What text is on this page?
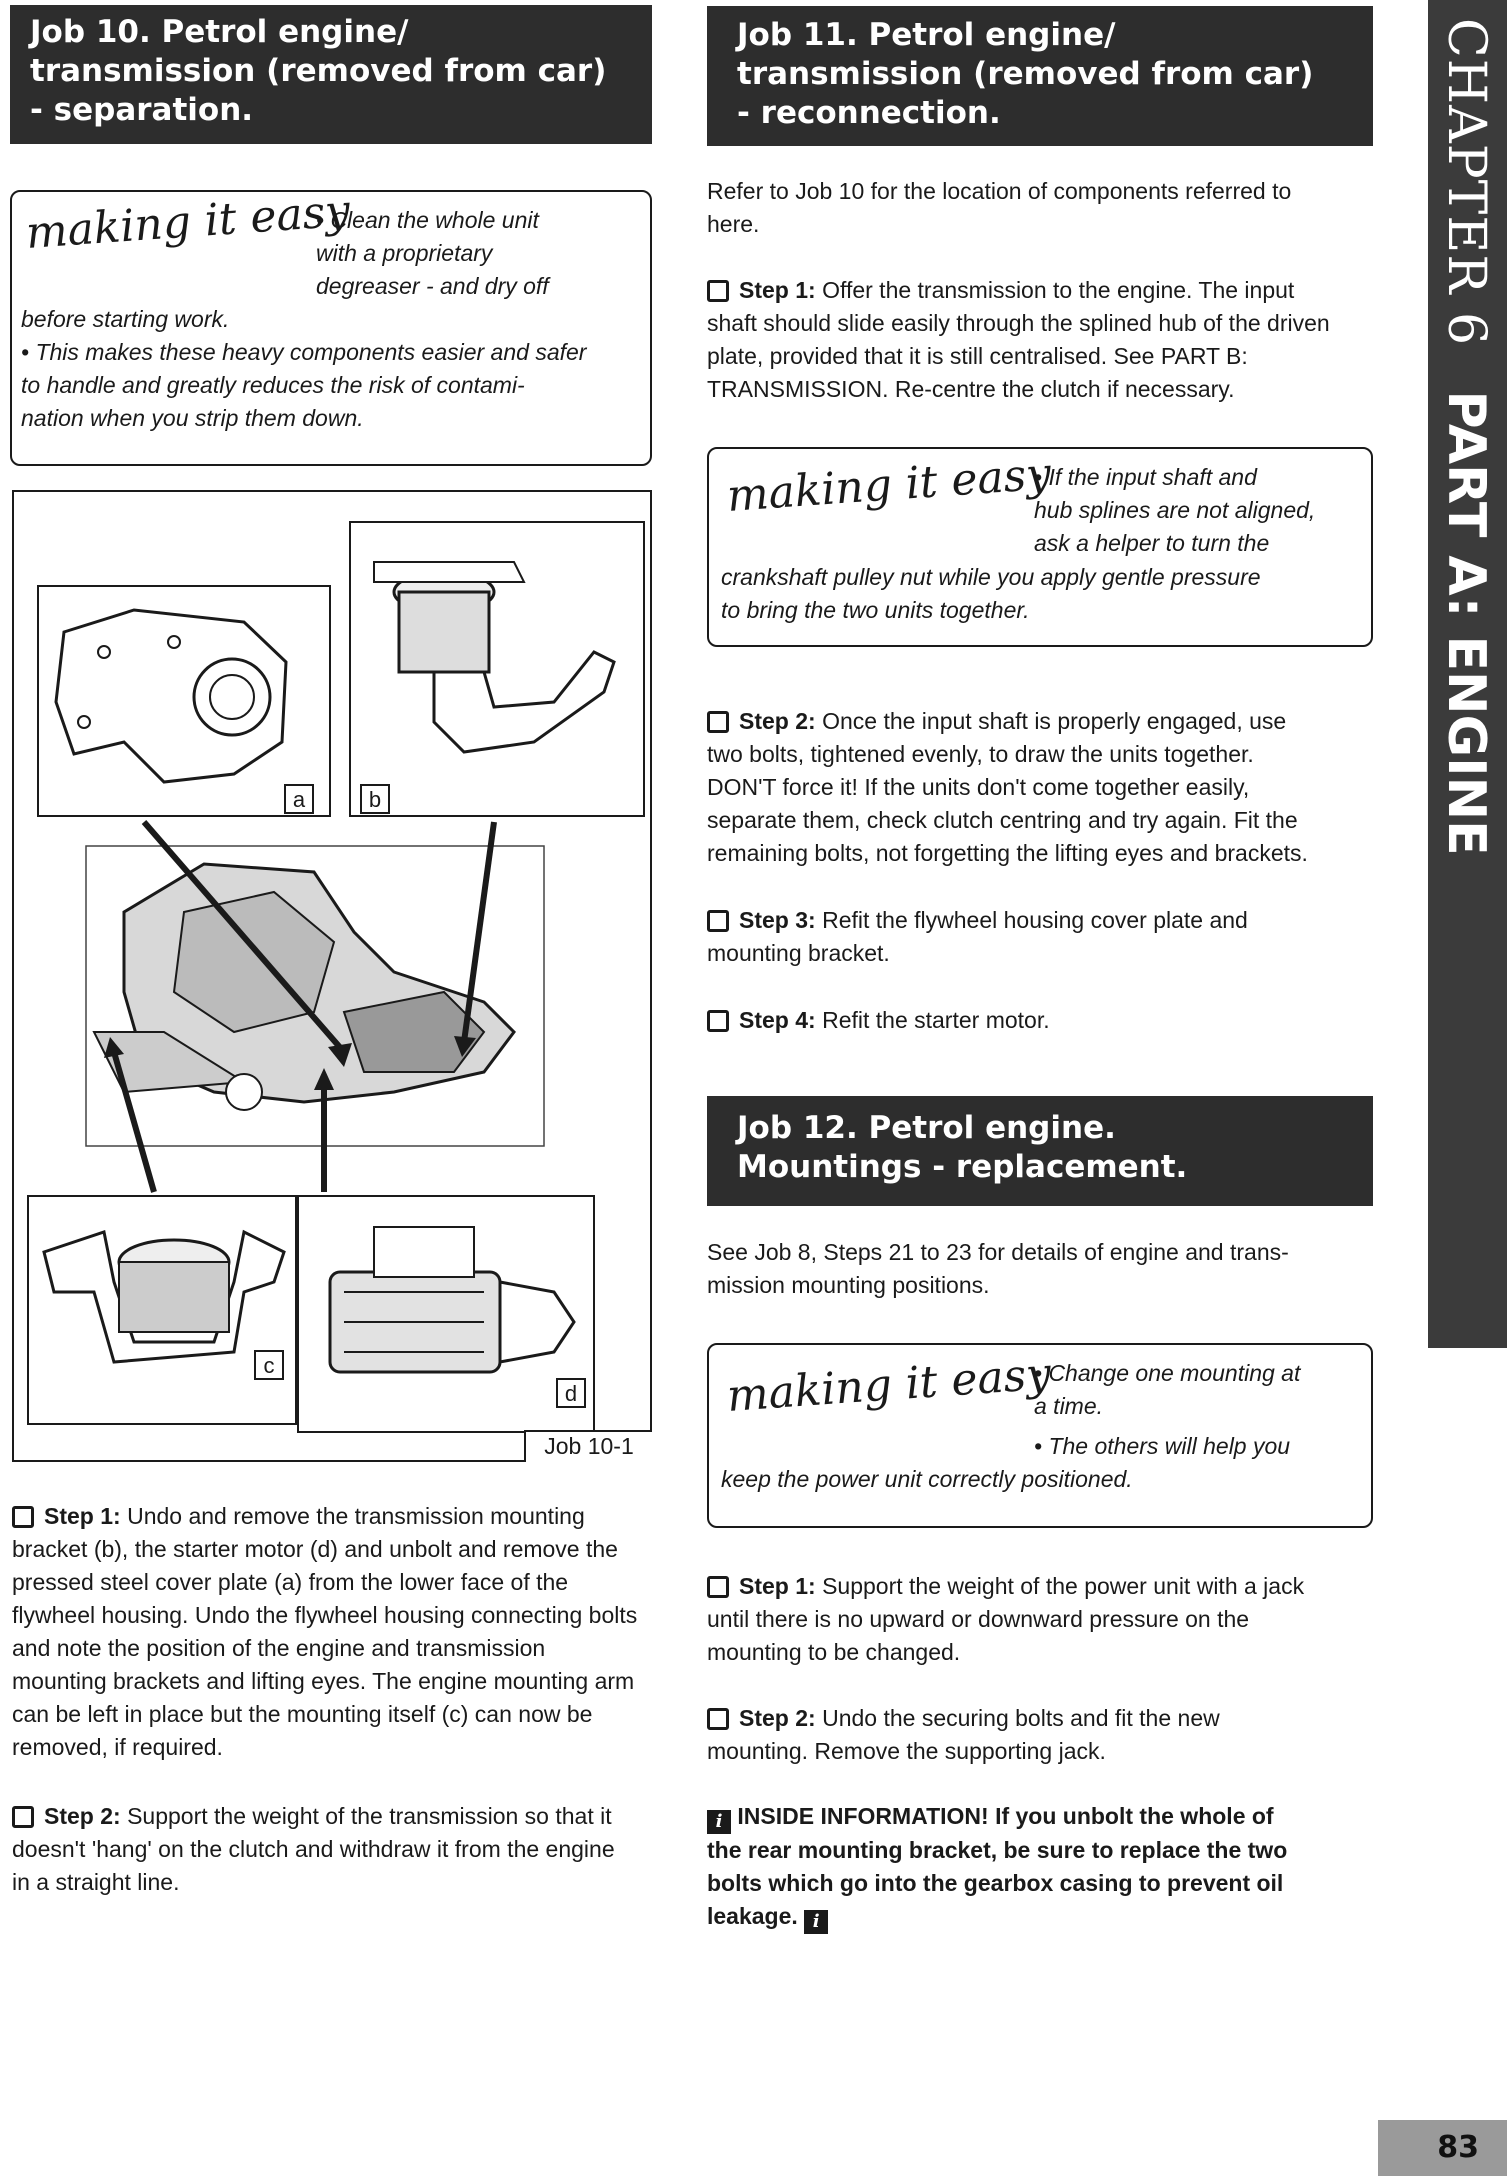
Job 10. Petrol engine/
transmission (removed from car)
- separation.
making it easy
• Clean the whole unit
with a proprietary
degreaser - and dry off
before starting work.
• This makes these heavy components easier and safer
to handle and greatly reduces the risk of contami-
nation when you strip them down.
a	b
c
d
Job 10-1
Step 1: Undo and remove the transmission mounting
bracket (b), the starter motor (d) and unbolt and remove the
pressed steel cover plate (a) from the lower face of the
flywheel housing. Undo the flywheel housing connecting bolts
and note the position of the engine and transmission
mounting brackets and lifting eyes. The engine mounting arm
can be left in place but the mounting itself (c) can now be
removed, if required.
Step 2: Support the weight of the transmission so that it
doesn't 'hang' on the clutch and withdraw it from the engine
in a straight line.
Job 11. Petrol engine/
transmission (removed from car)
- reconnection.
Refer to Job 10 for the location of components referred to
here.
Step 1: Offer the transmission to the engine. The input
shaft should slide easily through the splined hub of the driven
plate, provided that it is still centralised. See PART B:
TRANSMISSION. Re-centre the clutch if necessary.
making it easy
• If the input shaft and
hub splines are not aligned,
ask a helper to turn the
crankshaft pulley nut while you apply gentle pressure
to bring the two units together.
Step 2: Once the input shaft is properly engaged, use
two bolts, tightened evenly, to draw the units together.
DON'T force it! If the units don't come together easily,
separate them, check clutch centring and try again. Fit the
remaining bolts, not forgetting the lifting eyes and brackets.
Step 3: Refit the flywheel housing cover plate and
mounting bracket.
Step 4: Refit the starter motor.
Job 12. Petrol engine.
Mountings - replacement.
See Job 8, Steps 21 to 23 for details of engine and trans-
mission mounting positions.
making it easy
• Change one mounting at
a time.
• The others will help you
keep the power unit correctly positioned.
Step 1: Support the weight of the power unit with a jack
until there is no upward or downward pressure on the
mounting to be changed.
Step 2: Undo the securing bolts and fit the new
mounting. Remove the supporting jack.
i INSIDE INFORMATION! If you unbolt the whole of
the rear mounting bracket, be sure to replace the two
bolts which go into the gearbox casing to prevent oil
leakage. i
CHAPTER 6 PART A: ENGINE
83
